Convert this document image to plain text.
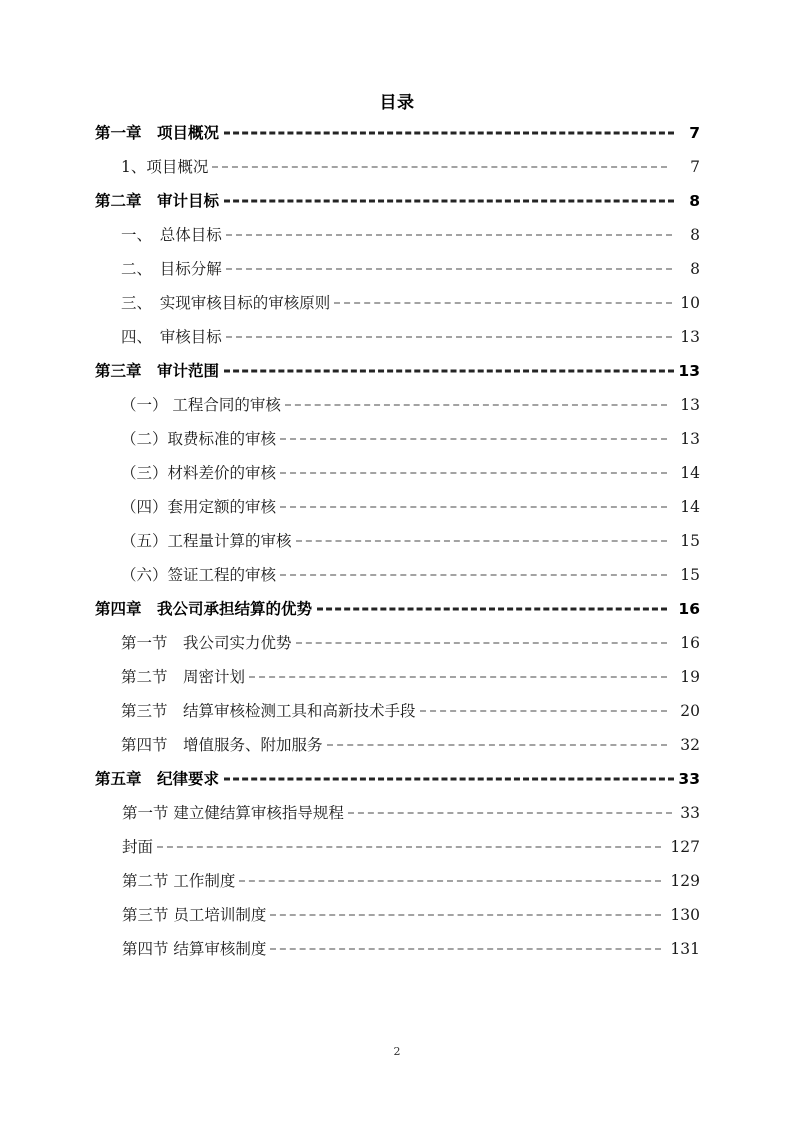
目录
第一章　项目概况	7
1、项目概况	7
第二章　审计目标	8
一、　总体目标	8
二、　目标分解	8
三、　实现审核目标的审核原则	10
四、　审核目标	13
第三章　审计范围	13
（一） 工程合同的审核	13
（二）取费标准的审核	13
（三）材料差价的审核	14
（四）套用定额的审核	14
（五）工程量计算的审核	15
（六）签证工程的审核	15
第四章　我公司承担结算的优势	16
第一节　我公司实力优势	16
第二节　周密计划	19
第三节　结算审核检测工具和高新技术手段	20
第四节　增值服务、附加服务	32
第五章　纪律要求	33
第一节 建立健结算审核指导规程	33
封面	127
第二节 工作制度	129
第三节 员工培训制度	130
第四节 结算审核制度	131
2
